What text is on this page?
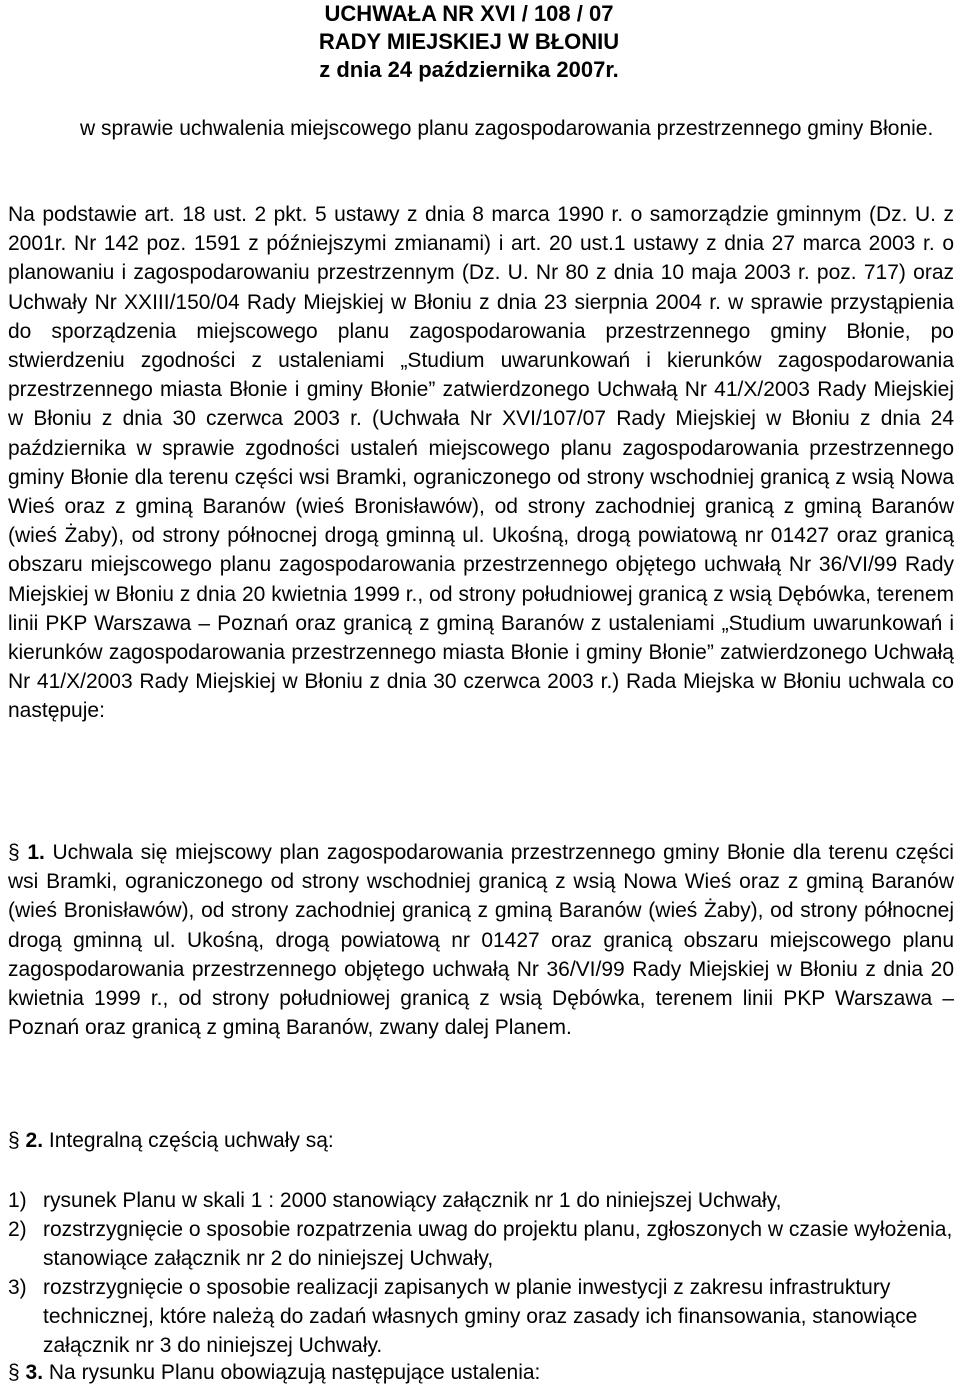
UCHWAŁA NR XVI / 108 / 07
RADY MIEJSKIEJ W BŁONIU
z dnia 24 października 2007r.
w sprawie uchwalenia miejscowego planu zagospodarowania przestrzennego gminy Błonie.
Na podstawie art. 18 ust. 2 pkt. 5 ustawy z dnia 8 marca 1990 r. o samorządzie gminnym (Dz. U. z 2001r. Nr 142 poz. 1591 z późniejszymi zmianami) i art. 20 ust.1 ustawy z dnia 27 marca 2003 r. o planowaniu i zagospodarowaniu przestrzennym (Dz. U. Nr 80 z dnia 10 maja 2003 r. poz. 717) oraz Uchwały Nr XXIII/150/04 Rady Miejskiej w Błoniu z dnia 23 sierpnia 2004 r. w sprawie przystąpienia do sporządzenia miejscowego planu zagospodarowania przestrzennego gminy Błonie, po stwierdzeniu zgodności z ustaleniami „Studium uwarunkowań i kierunków zagospodarowania przestrzennego miasta Błonie i gminy Błonie” zatwierdzonego Uchwałą Nr 41/X/2003 Rady Miejskiej w Błoniu z dnia 30 czerwca 2003 r. (Uchwała Nr XVI/107/07 Rady Miejskiej w Błoniu z dnia 24 października w sprawie zgodności ustaleń miejscowego planu zagospodarowania przestrzennego gminy Błonie dla terenu części wsi Bramki, ograniczonego od strony wschodniej granicą z wsią Nowa Wieś oraz z gminą Baranów (wieś Bronisławów), od strony zachodniej granicą z gminą Baranów (wieś Żaby), od strony północnej drogą gminną ul. Ukośną, drogą powiatową nr 01427 oraz granicą obszaru miejscowego planu zagospodarowania przestrzennego objętego uchwałą Nr 36/VI/99 Rady Miejskiej w Błoniu z dnia 20 kwietnia 1999 r., od strony południowej granicą z wsią Dębówka, terenem linii PKP Warszawa – Poznań oraz granicą z gminą Baranów z ustaleniami „Studium uwarunkowań i kierunków zagospodarowania przestrzennego miasta Błonie i gminy Błonie” zatwierdzonego Uchwałą Nr 41/X/2003 Rady Miejskiej w Błoniu z dnia 30 czerwca 2003 r.) Rada Miejska w Błoniu uchwala co następuje:
§ 1. Uchwala się miejscowy plan zagospodarowania przestrzennego gminy Błonie dla terenu części wsi Bramki, ograniczonego od strony wschodniej granicą z wsią Nowa Wieś oraz z gminą Baranów (wieś Bronisławów), od strony zachodniej granicą z gminą Baranów (wieś Żaby), od strony północnej drogą gminną ul. Ukośną, drogą powiatową nr 01427 oraz granicą obszaru miejscowego planu zagospodarowania przestrzennego objętego uchwałą Nr 36/VI/99 Rady Miejskiej w Błoniu z dnia 20 kwietnia 1999 r., od strony południowej granicą z wsią Dębówka, terenem linii PKP Warszawa – Poznań oraz granicą z gminą Baranów, zwany dalej Planem.
§ 2. Integralną częścią uchwały są:
1) rysunek Planu w skali 1 : 2000 stanowiący załącznik nr 1 do niniejszej Uchwały,
2) rozstrzygnięcie o sposobie rozpatrzenia uwag do projektu planu, zgłoszonych w czasie wyłożenia, stanowiące załącznik nr 2 do niniejszej Uchwały,
3) rozstrzygnięcie o sposobie realizacji zapisanych w planie inwestycji z zakresu infrastruktury technicznej, które należą do zadań własnych gminy oraz zasady ich finansowania, stanowiące załącznik nr 3 do niniejszej Uchwały.
§ 3. Na rysunku Planu obowiązują następujące ustalenia:
